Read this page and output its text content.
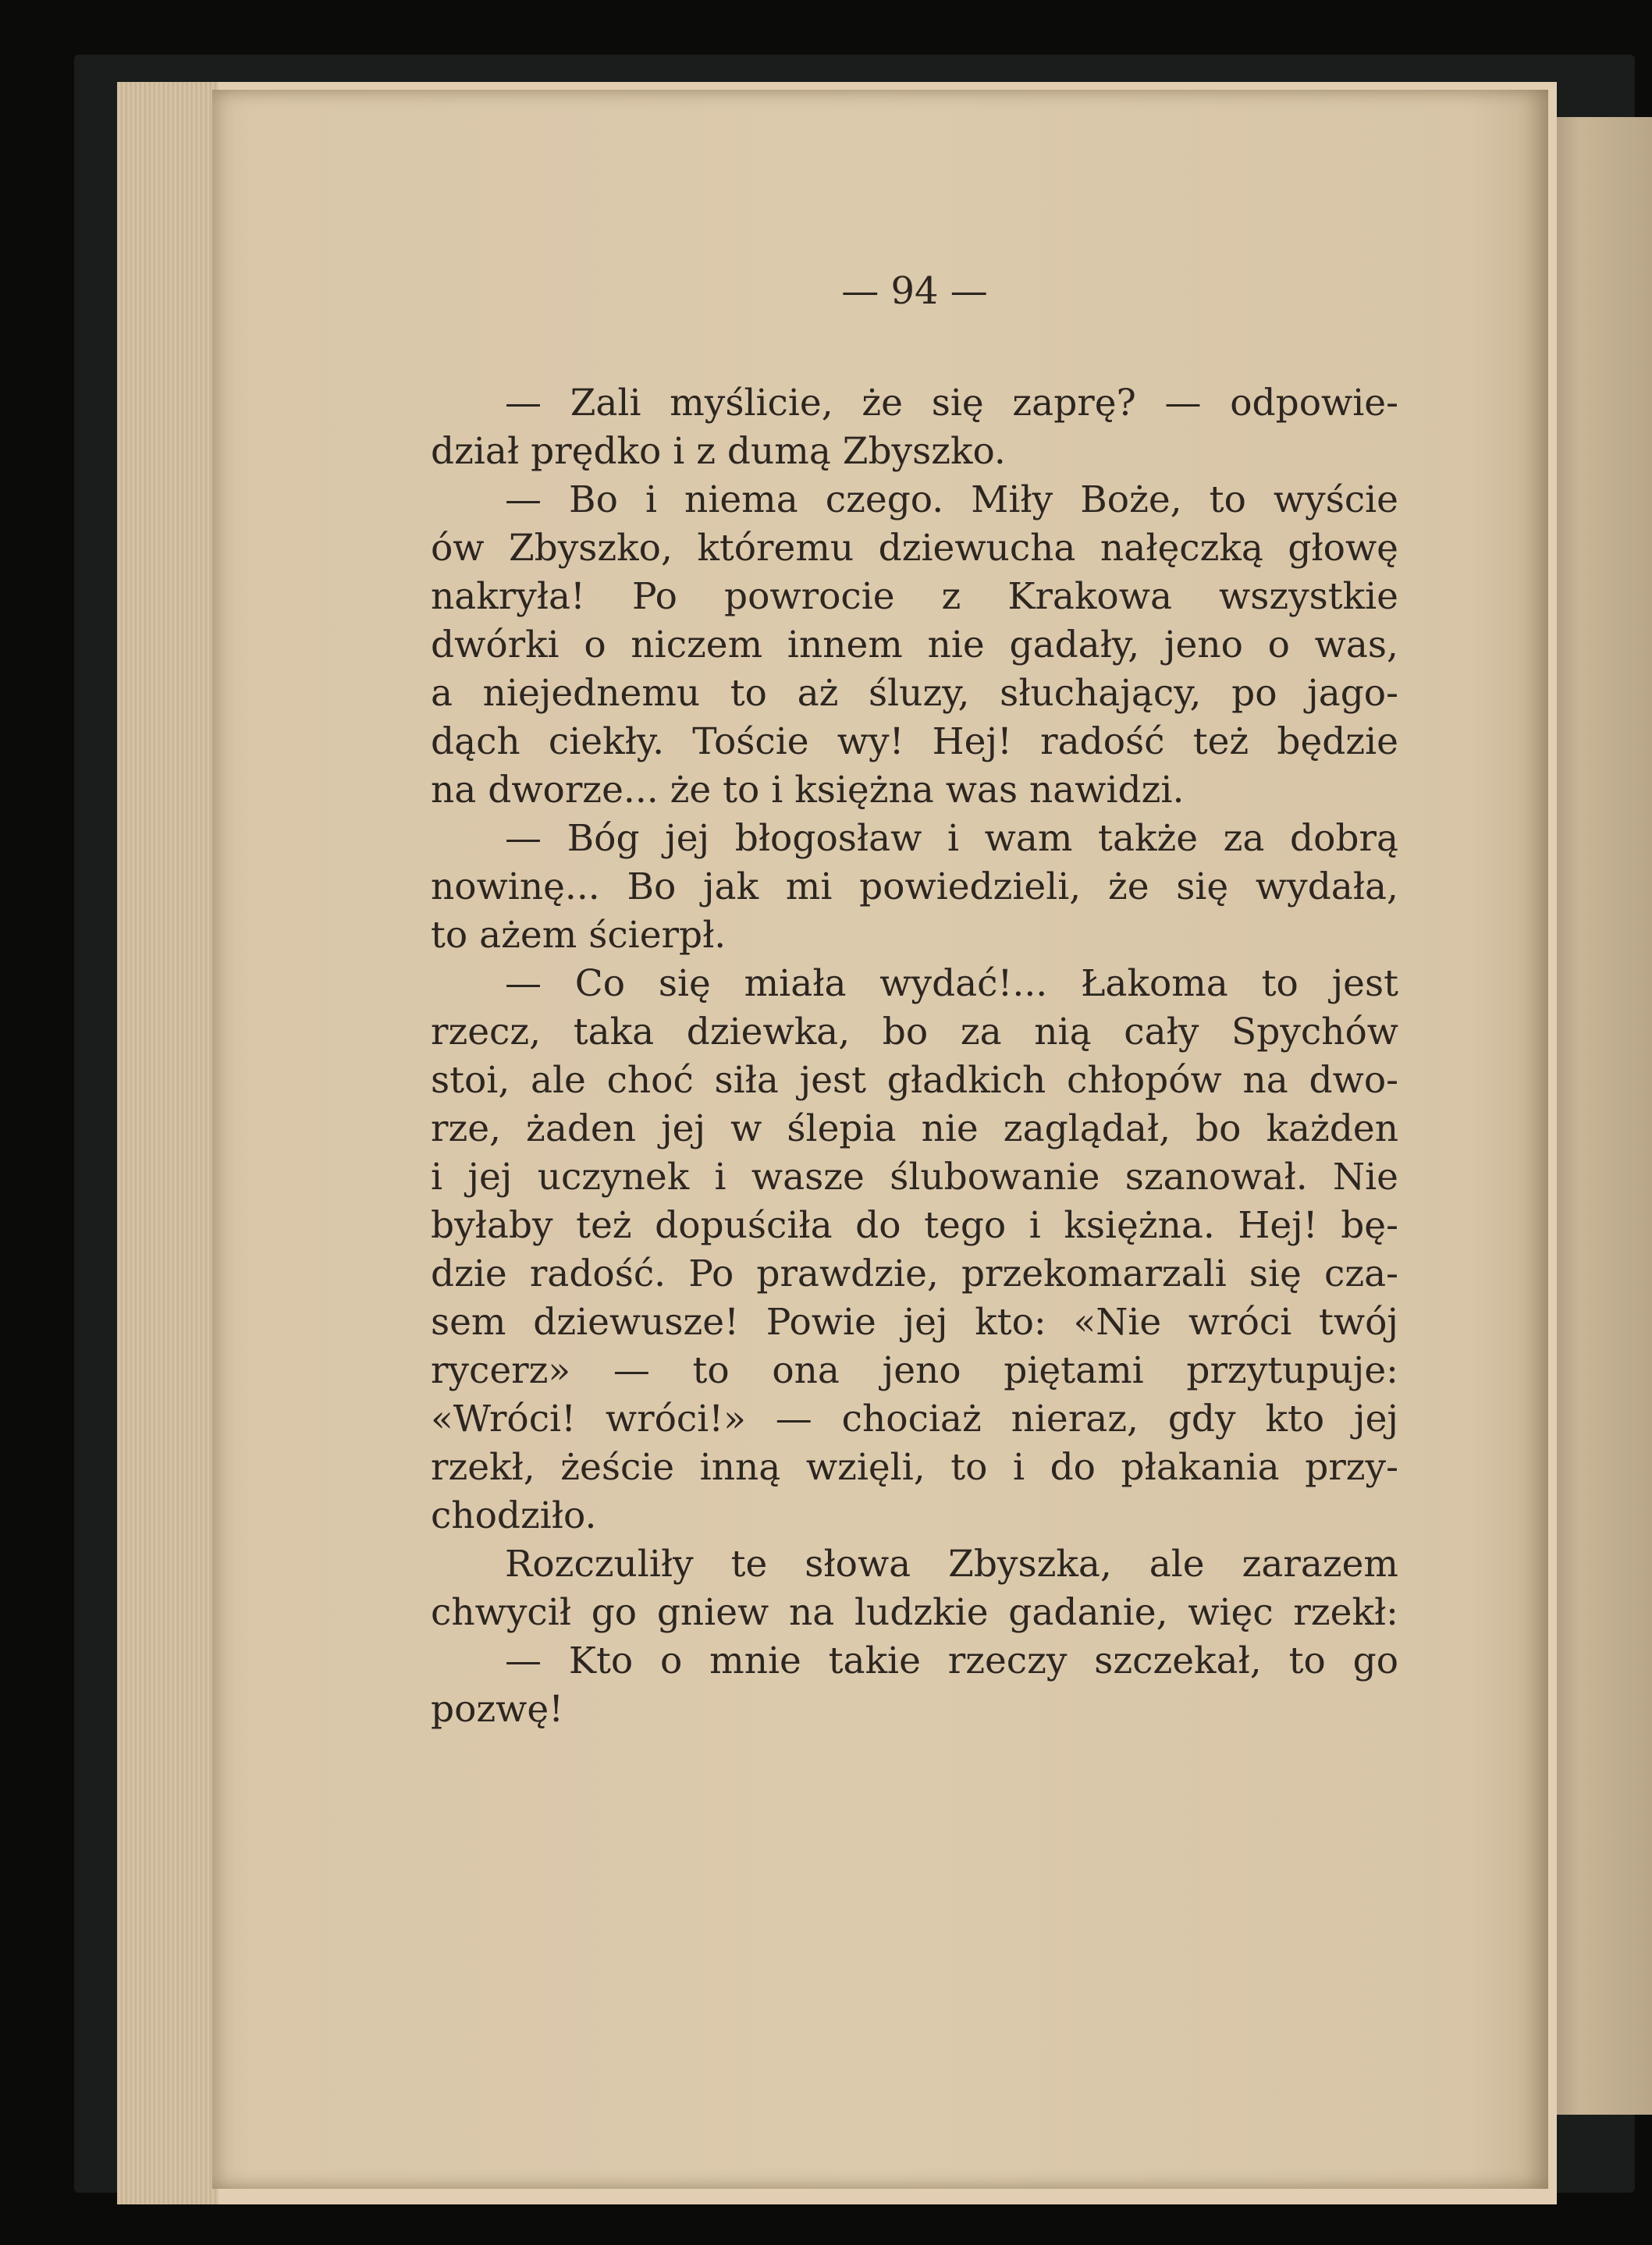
— 94 —
— Zali myślicie, że się zaprę? — odpowie-
dział prędko i z dumą Zbyszko.
— Bo i niema czego. Miły Boże, to wyście
ów Zbyszko, któremu dziewucha nałęczką głowę
nakryła! Po powrocie z Krakowa wszystkie
dwórki o niczem innem nie gadały, jeno o was,
a niejednemu to aż śluzy, słuchający, po jago-
dąch ciekły. Toście wy! Hej! radość też będzie
na dworze... że to i księżna was nawidzi.
— Bóg jej błogosław i wam także za dobrą
nowinę... Bo jak mi powiedzieli, że się wydała,
to ażem ścierpł.
— Co się miała wydać!... Łakoma to jest
rzecz, taka dziewka, bo za nią cały Spychów
stoi, ale choć siła jest gładkich chłopów na dwo-
rze, żaden jej w ślepia nie zaglądał, bo każden
i jej uczynek i wasze ślubowanie szanował. Nie
byłaby też dopuściła do tego i księżna. Hej! bę-
dzie radość. Po prawdzie, przekomarzali się cza-
sem dziewusze! Powie jej kto: «Nie wróci twój
rycerz» — to ona jeno piętami przytupuje:
«Wróci! wróci!» — chociaż nieraz, gdy kto jej
rzekł, żeście inną wzięli, to i do płakania przy-
chodziło.
Rozczuliły te słowa Zbyszka, ale zarazem
chwycił go gniew na ludzkie gadanie, więc rzekł:
— Kto o mnie takie rzeczy szczekał, to go
pozwę!
